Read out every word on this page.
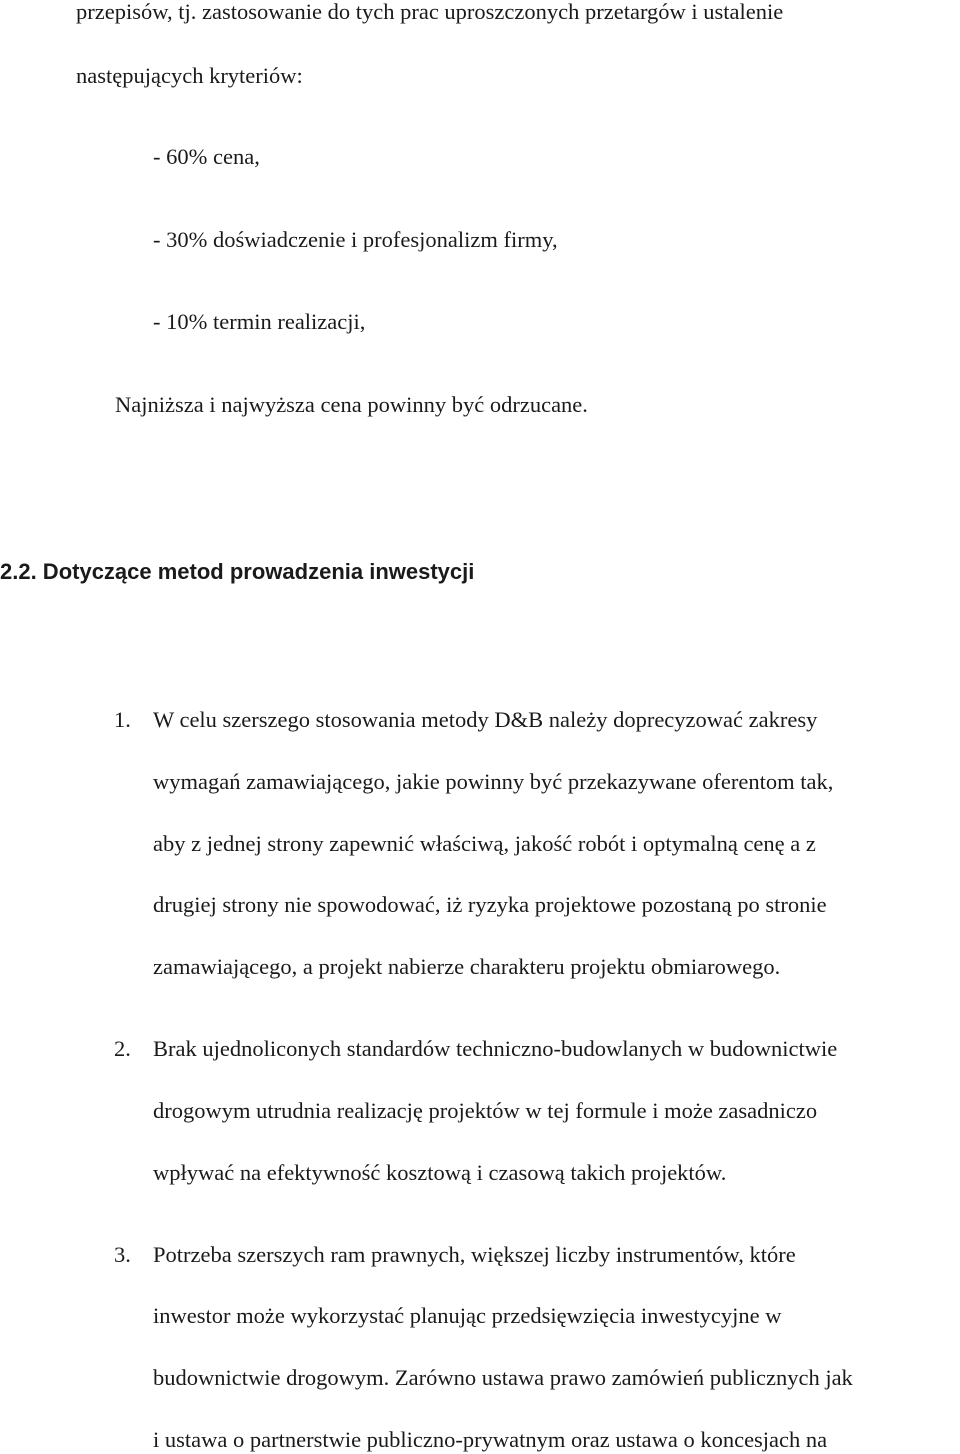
przepisów, tj. zastosowanie do tych prac uproszczonych przetargów i ustalenie

następujących kryteriów:

- 60% cena,

- 30% doświadczenie i profesjonalizm firmy,

- 10% termin realizacji,

Najniższa i najwyższa cena powinny być odrzucane.

2.2. Dotyczące metod prowadzenia inwestycji
1. W celu szerszego stosowania metody D&B należy doprecyzować zakresy

wymagań zamawiającego, jakie powinny być przekazywane oferentom tak,

aby z jednej strony zapewnić właściwą, jakość robót i optymalną cenę a z

drugiej strony nie spowodować, iż ryzyka projektowe pozostaną po stronie

zamawiającego, a projekt nabierze charakteru projektu obmiarowego.

2. Brak ujednoliconych standardów techniczno-budowlanych w budownictwie

drogowym utrudnia realizację projektów w tej formule i może zasadniczo

wpływać na efektywność kosztową i czasową takich projektów.

3. Potrzeba szerszych ram prawnych, większej liczby instrumentów, które

inwestor może wykorzystać planując przedsięwzięcia inwestycyjne w

budownictwie drogowym. Zarówno ustawa prawo zamówień publicznych jak

i ustawa o partnerstwie publiczno-prywatnym oraz ustawa o koncesjach na
